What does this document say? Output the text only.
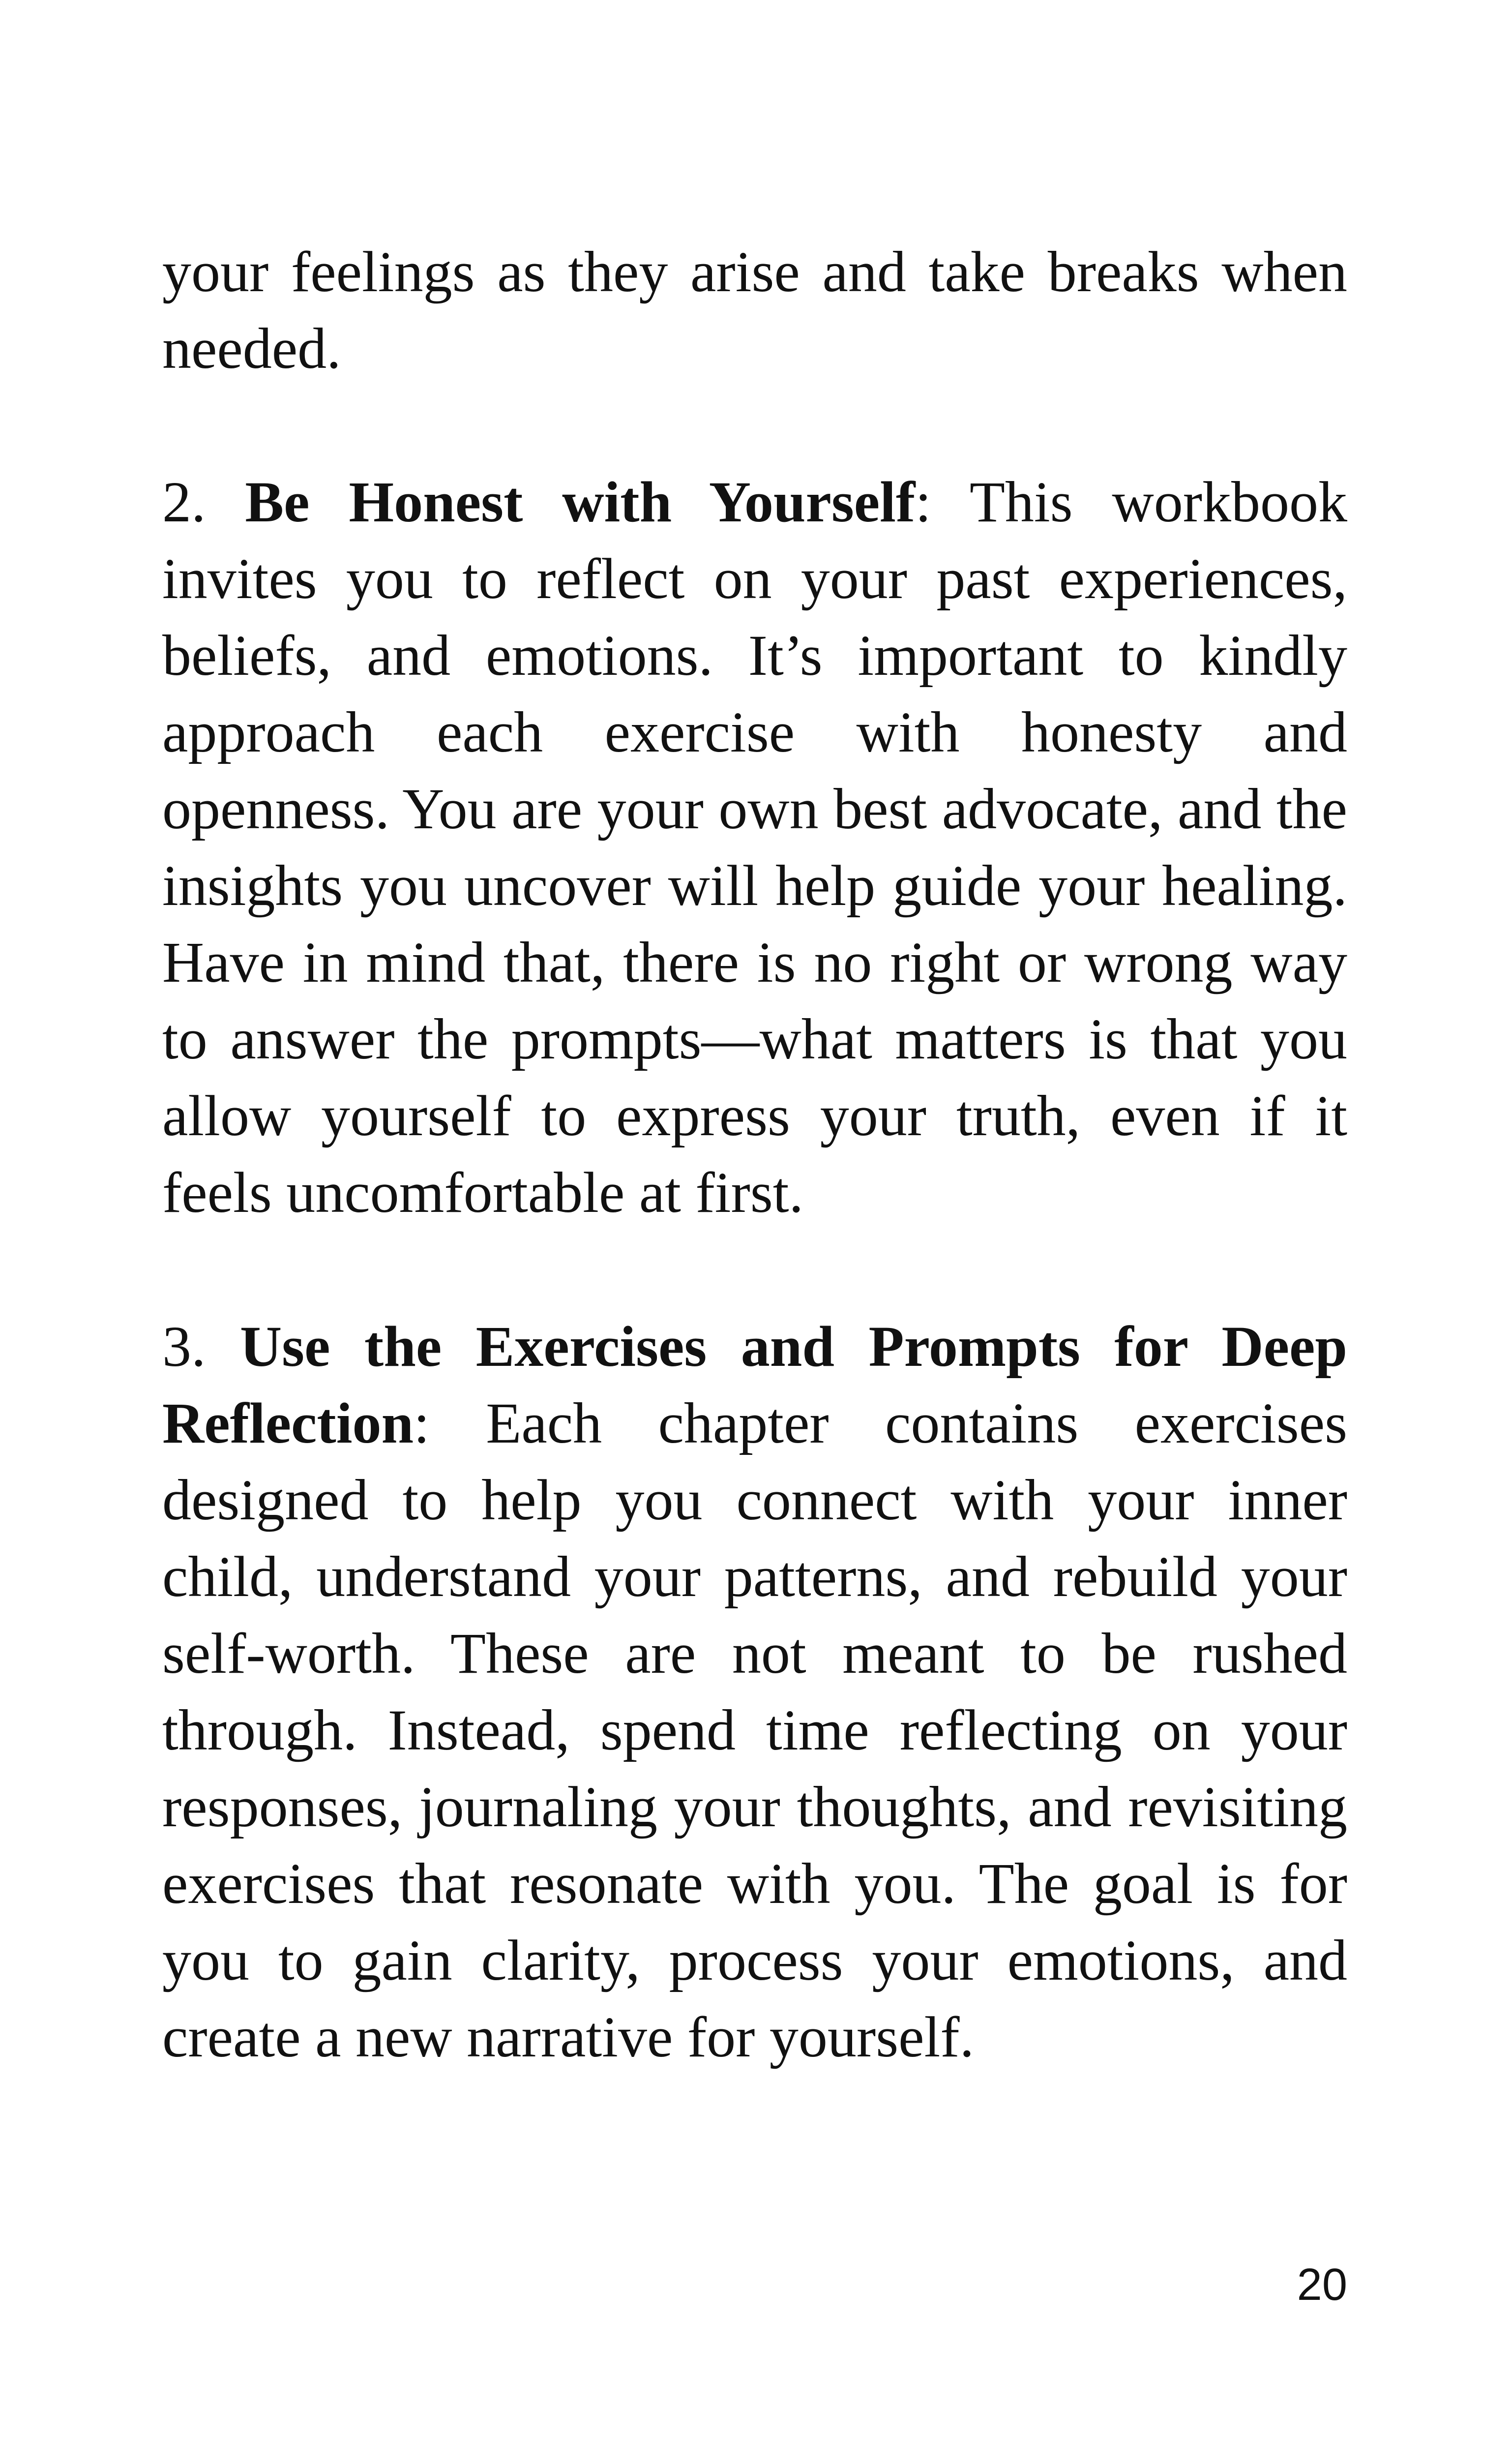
your feelings as they arise and take breaks when needed.

2. Be Honest with Yourself: This workbook invites you to reflect on your past experiences, beliefs, and emotions. It’s important to kindly approach each exercise with honesty and openness. You are your own best advocate, and the insights you uncover will help guide your healing. Have in mind that, there is no right or wrong way to answer the prompts—what matters is that you allow yourself to express your truth, even if it feels uncomfortable at first.

3. Use the Exercises and Prompts for Deep Reflection: Each chapter contains exercises designed to help you connect with your inner child, understand your patterns, and rebuild your self-worth. These are not meant to be rushed through. Instead, spend time reflecting on your responses, journaling your thoughts, and revisiting exercises that resonate with you. The goal is for you to gain clarity, process your emotions, and create a new narrative for yourself.

20
